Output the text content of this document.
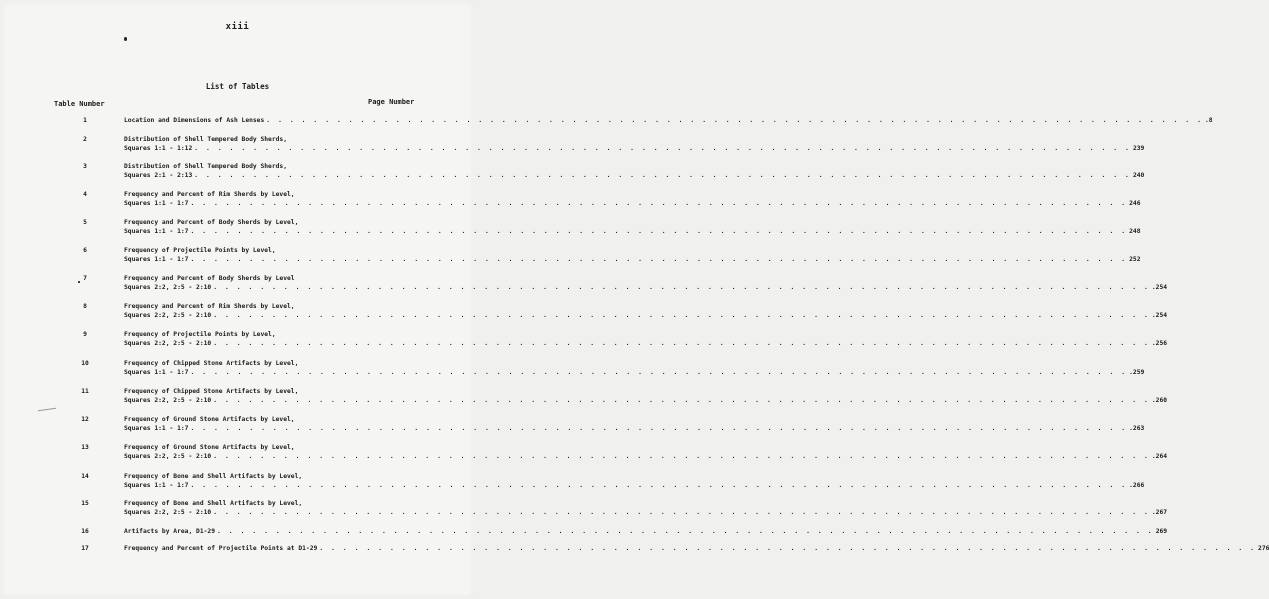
xiii
List of Tables
Table Number	Page Number
1	Location and Dimensions of Ash Lenses . . . . . . . . . . . . . . . . . . . . . . . . . . . . . . . . . . . . . . . . . . . . . . . . . . . . . . . . . . . . . . . . . . . . . . . . . . . . . . . . .8
2	Distribution of Shell Tempered Body Sherds,
Squares 1:1 - 1:12 . . . . . . . . . . . . . . . . . . . . . . . . . . . . . . . . . . . . . . . . . . . . . . . . . . . . . . . . . . . . . . . . . . . . . . . . . . . . . . . . 239
3	Distribution of Shell Tempered Body Sherds,
Squares 2:1 - 2:13 . . . . . . . . . . . . . . . . . . . . . . . . . . . . . . . . . . . . . . . . . . . . . . . . . . . . . . . . . . . . . . . . . . . . . . . . . . . . . . . . 240
4	Frequency and Percent of Rim Sherds by Level,
Squares 1:1 - 1:7 . . . . . . . . . . . . . . . . . . . . . . . . . . . . . . . . . . . . . . . . . . . . . . . . . . . . . . . . . . . . . . . . . . . . . . . . . . . . . . . . 246
5	Frequency and Percent of Body Sherds by Level,
Squares 1:1 - 1:7 . . . . . . . . . . . . . . . . . . . . . . . . . . . . . . . . . . . . . . . . . . . . . . . . . . . . . . . . . . . . . . . . . . . . . . . . . . . . . . . . 248
6	Frequency of Projectile Points by Level,
Squares 1:1 - 1:7 . . . . . . . . . . . . . . . . . . . . . . . . . . . . . . . . . . . . . . . . . . . . . . . . . . . . . . . . . . . . . . . . . . . . . . . . . . . . . . . . 252
7	Frequency and Percent of Body Sherds by Level
Squares 2:2, 2:5 - 2:10 . . . . . . . . . . . . . . . . . . . . . . . . . . . . . . . . . . . . . . . . . . . . . . . . . . . . . . . . . . . . . . . . . . . . . . . . . . . . . . . . .254
8	Frequency and Percent of Rim Sherds by Level,
Squares 2:2, 2:5 - 2:10 . . . . . . . . . . . . . . . . . . . . . . . . . . . . . . . . . . . . . . . . . . . . . . . . . . . . . . . . . . . . . . . . . . . . . . . . . . . . . . . . .254
9	Frequency of Projectile Points by Level,
Squares 2:2, 2:5 - 2:10 . . . . . . . . . . . . . . . . . . . . . . . . . . . . . . . . . . . . . . . . . . . . . . . . . . . . . . . . . . . . . . . . . . . . . . . . . . . . . . . . .256
10	Frequency of Chipped Stone Artifacts by Level,
Squares 1:1 - 1:7 . . . . . . . . . . . . . . . . . . . . . . . . . . . . . . . . . . . . . . . . . . . . . . . . . . . . . . . . . . . . . . . . . . . . . . . . . . . . . . . . .259
11	Frequency of Chipped Stone Artifacts by Level,
Squares 2:2, 2:5 - 2:10 . . . . . . . . . . . . . . . . . . . . . . . . . . . . . . . . . . . . . . . . . . . . . . . . . . . . . . . . . . . . . . . . . . . . . . . . . . . . . . . . .260
12	Frequency of Ground Stone Artifacts by Level,
Squares 1:1 - 1:7 . . . . . . . . . . . . . . . . . . . . . . . . . . . . . . . . . . . . . . . . . . . . . . . . . . . . . . . . . . . . . . . . . . . . . . . . . . . . . . . . .263
13	Frequency of Ground Stone Artifacts by Level,
Squares 2:2, 2:5 - 2:10 . . . . . . . . . . . . . . . . . . . . . . . . . . . . . . . . . . . . . . . . . . . . . . . . . . . . . . . . . . . . . . . . . . . . . . . . . . . . . . . . .264
14	Frequency of Bone and Shell Artifacts by Level,
Squares 1:1 - 1:7 . . . . . . . . . . . . . . . . . . . . . . . . . . . . . . . . . . . . . . . . . . . . . . . . . . . . . . . . . . . . . . . . . . . . . . . . . . . . . . . . .266
15	Frequency of Bone and Shell Artifacts by Level,
Squares 2:2, 2:5 - 2:10 . . . . . . . . . . . . . . . . . . . . . . . . . . . . . . . . . . . . . . . . . . . . . . . . . . . . . . . . . . . . . . . . . . . . . . . . . . . . . . . . .267
16	Artifacts by Area, D1-29 . . . . . . . . . . . . . . . . . . . . . . . . . . . . . . . . . . . . . . . . . . . . . . . . . . . . . . . . . . . . . . . . . . . . . . . . . . . . . . . . 269
17	Frequency and Percent of Projectile Points at D1-29 . . . . . . . . . . . . . . . . . . . . . . . . . . . . . . . . . . . . . . . . . . . . . . . . . . . . . . . . . . . . . . . . . . . . . . . . . . . . . . . . 276
